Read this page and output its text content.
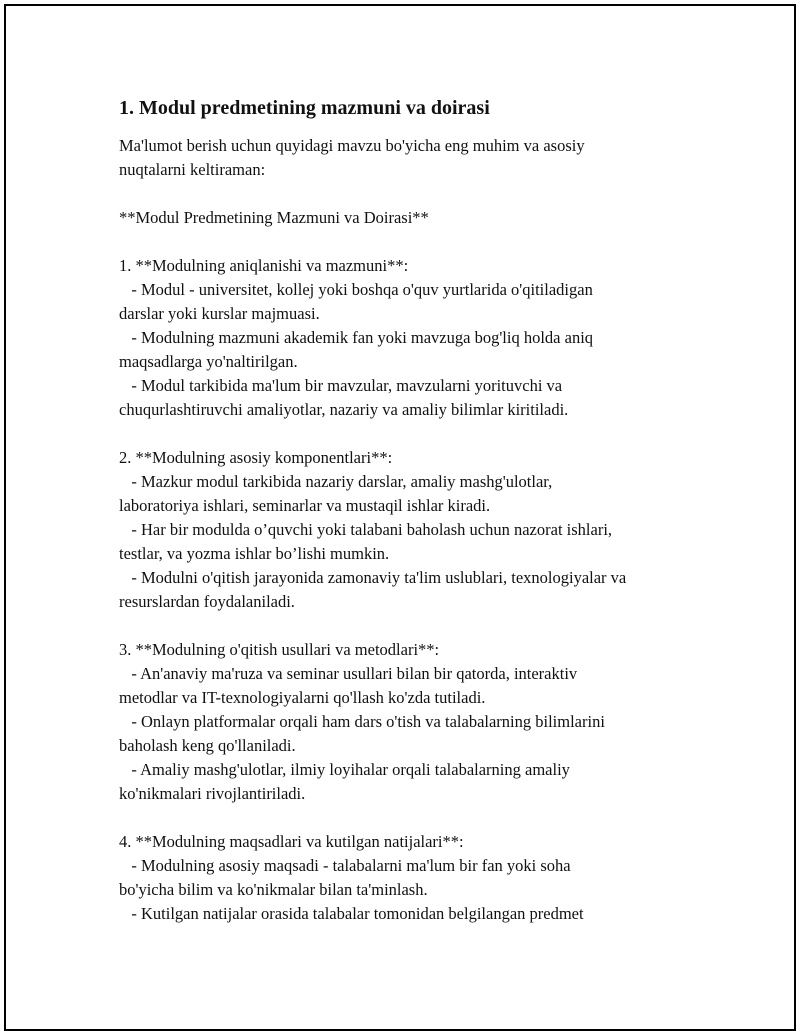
1. Modul predmetining mazmuni va doirasi

Ma'lumot berish uchun quyidagi mavzu bo'yicha eng muhim va asosiy

nuqtalarni keltiraman:

**Modul Predmetining Mazmuni va Doirasi**

1. **Modulning aniqlanishi va mazmuni**:

- Modul - universitet, kollej yoki boshqa o'quv yurtlarida o'qitiladigan

darslar yoki kurslar majmuasi.

- Modulning mazmuni akademik fan yoki mavzuga bog'liq holda aniq

maqsadlarga yo'naltirilgan.

- Modul tarkibida ma'lum bir mavzular, mavzularni yorituvchi va

chuqurlashtiruvchi amaliyotlar, nazariy va amaliy bilimlar kiritiladi.

2. **Modulning asosiy komponentlari**:

- Mazkur modul tarkibida nazariy darslar, amaliy mashg'ulotlar,

laboratoriya ishlari, seminarlar va mustaqil ishlar kiradi.

- Har bir modulda o’quvchi yoki talabani baholash uchun nazorat ishlari,

testlar, va yozma ishlar bo’lishi mumkin.

- Modulni o'qitish jarayonida zamonaviy ta'lim uslublari, texnologiyalar va

resurslardan foydalaniladi.

3. **Modulning o'qitish usullari va metodlari**:

- An'anaviy ma'ruza va seminar usullari bilan bir qatorda, interaktiv

metodlar va IT-texnologiyalarni qo'llash ko'zda tutiladi.

- Onlayn platformalar orqali ham dars o'tish va talabalarning bilimlarini

baholash keng qo'llaniladi.

- Amaliy mashg'ulotlar, ilmiy loyihalar orqali talabalarning amaliy

ko'nikmalari rivojlantiriladi.

4. **Modulning maqsadlari va kutilgan natijalari**:

- Modulning asosiy maqsadi - talabalarni ma'lum bir fan yoki soha

bo'yicha bilim va ko'nikmalar bilan ta'minlash.

- Kutilgan natijalar orasida talabalar tomonidan belgilangan predmet
